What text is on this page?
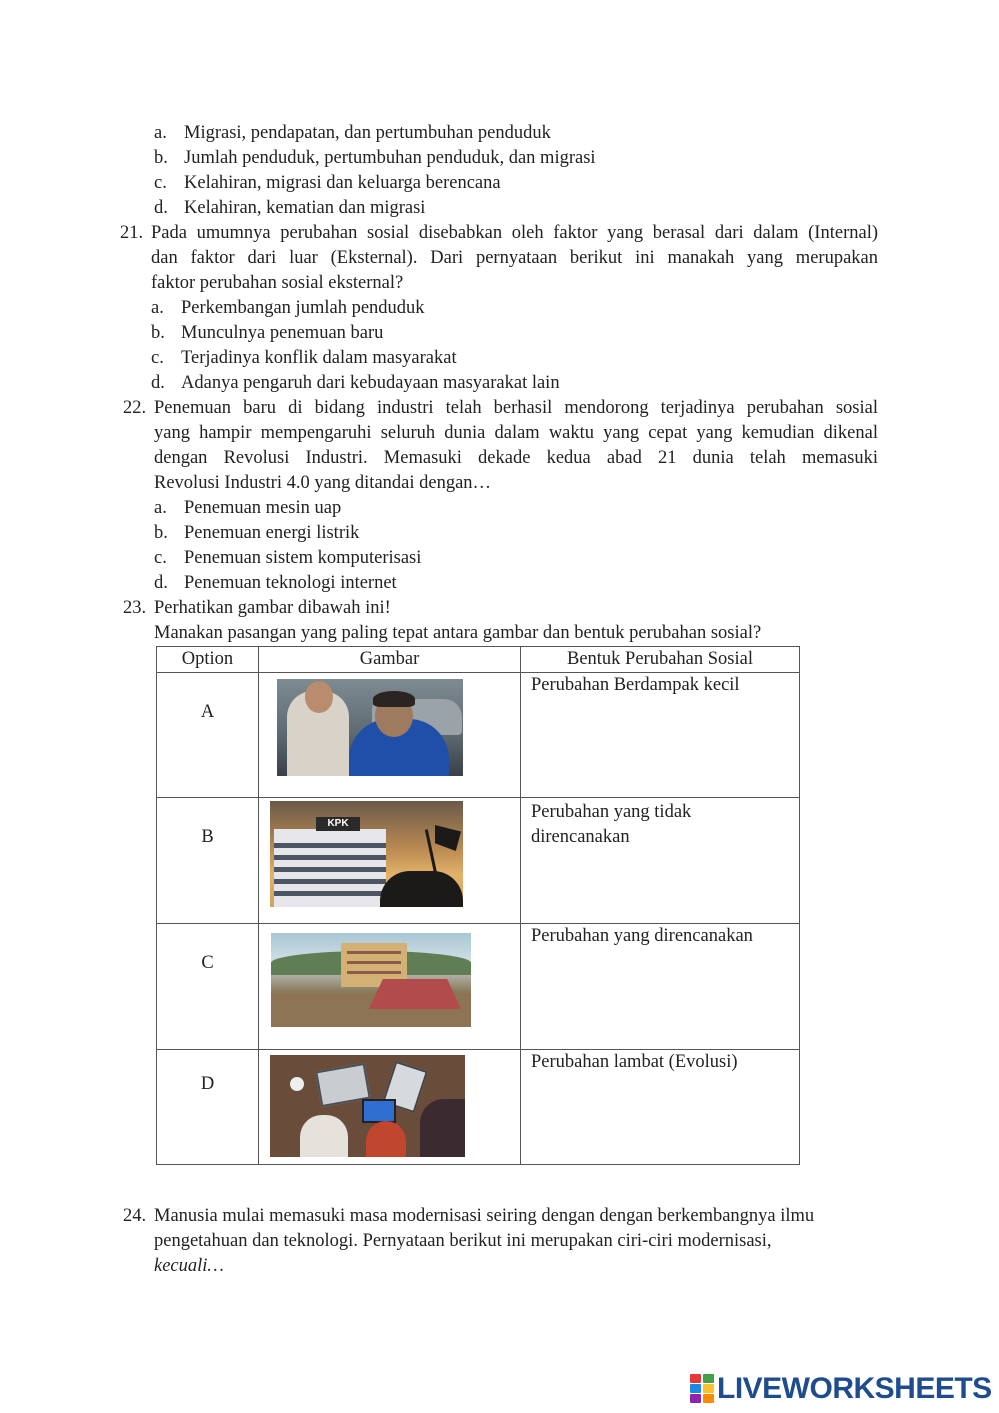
a. Migrasi, pendapatan, dan pertumbuhan penduduk
b. Jumlah penduduk, pertumbuhan penduduk, dan migrasi
c. Kelahiran, migrasi dan keluarga berencana
d. Kelahiran, kematian dan migrasi
21. Pada umumnya perubahan sosial disebabkan oleh faktor yang berasal dari dalam (Internal)
dan faktor dari luar (Eksternal). Dari pernyataan berikut ini manakah yang merupakan
faktor perubahan sosial eksternal?
a. Perkembangan jumlah penduduk
b. Munculnya penemuan baru
c. Terjadinya konflik dalam masyarakat
d. Adanya pengaruh dari kebudayaan masyarakat lain
22. Penemuan baru di bidang industri telah berhasil mendorong terjadinya perubahan sosial
yang hampir mempengaruhi seluruh dunia dalam waktu yang cepat yang kemudian dikenal
dengan Revolusi Industri. Memasuki dekade kedua abad 21 dunia telah memasuki
Revolusi Industri 4.0 yang ditandai dengan…
a. Penemuan mesin uap
b. Penemuan energi listrik
c. Penemuan sistem komputerisasi
d. Penemuan teknologi internet
23. Perhatikan gambar dibawah ini!
Manakan pasangan yang paling tepat antara gambar dan bentuk perubahan sosial?
Option	Gambar	Bentuk Perubahan Sosial
A		Perubahan Berdampak kecil
B	KPK	Perubahan yang tidak direncanakan
C		Perubahan yang direncanakan
D		Perubahan lambat (Evolusi)
24. Manusia mulai memasuki masa modernisasi seiring dengan dengan berkembangnya ilmu
pengetahuan dan teknologi. Pernyataan berikut ini merupakan ciri-ciri modernisasi,
kecuali…
LIVEWORKSHEETS
